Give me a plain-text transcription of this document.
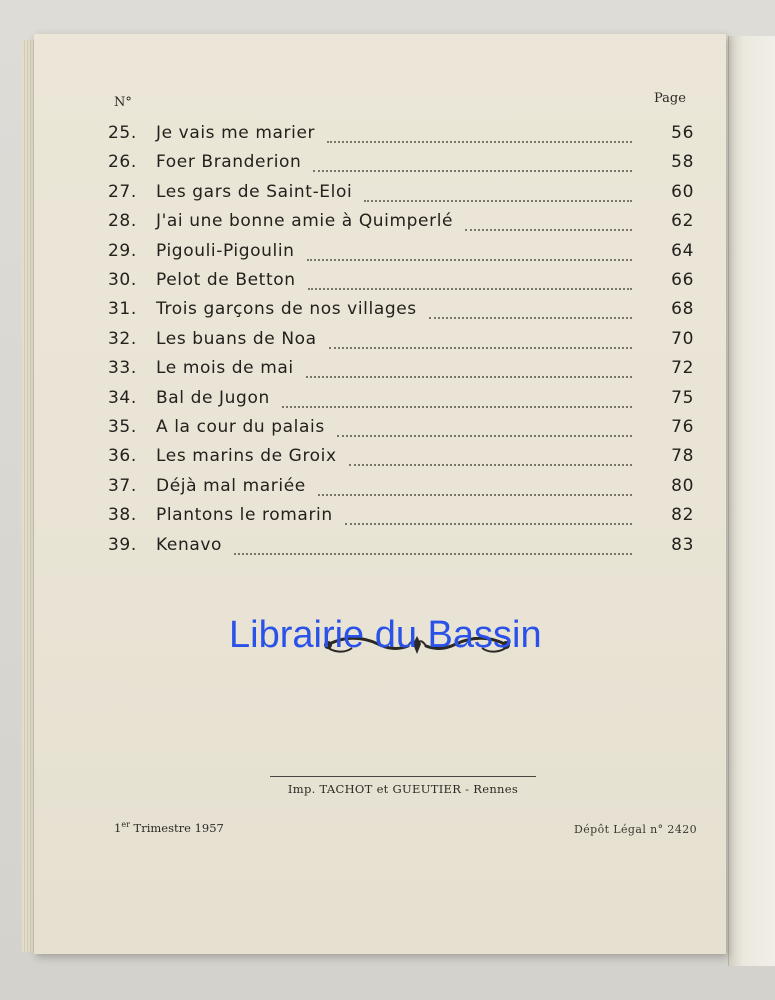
N°	Page
25.	Je vais me marier	56
26.	Foer Branderion	58
27.	Les gars de Saint-Eloi	60
28.	J'ai une bonne amie à Quimperlé	62
29.	Pigouli-Pigoulin	64
30.	Pelot de Betton	66
31.	Trois garçons de nos villages	68
32.	Les buans de Noa	70
33.	Le mois de mai	72
34.	Bal de Jugon	75
35.	A la cour du palais	76
36.	Les marins de Groix	78
37.	Déjà mal mariée	80
38.	Plantons le romarin	82
39.	Kenavo	83
Librairie du Bassin
Imp. TACHOT et GUEUTIER - Rennes
1er Trimestre 1957	Dépôt Légal n° 2420
